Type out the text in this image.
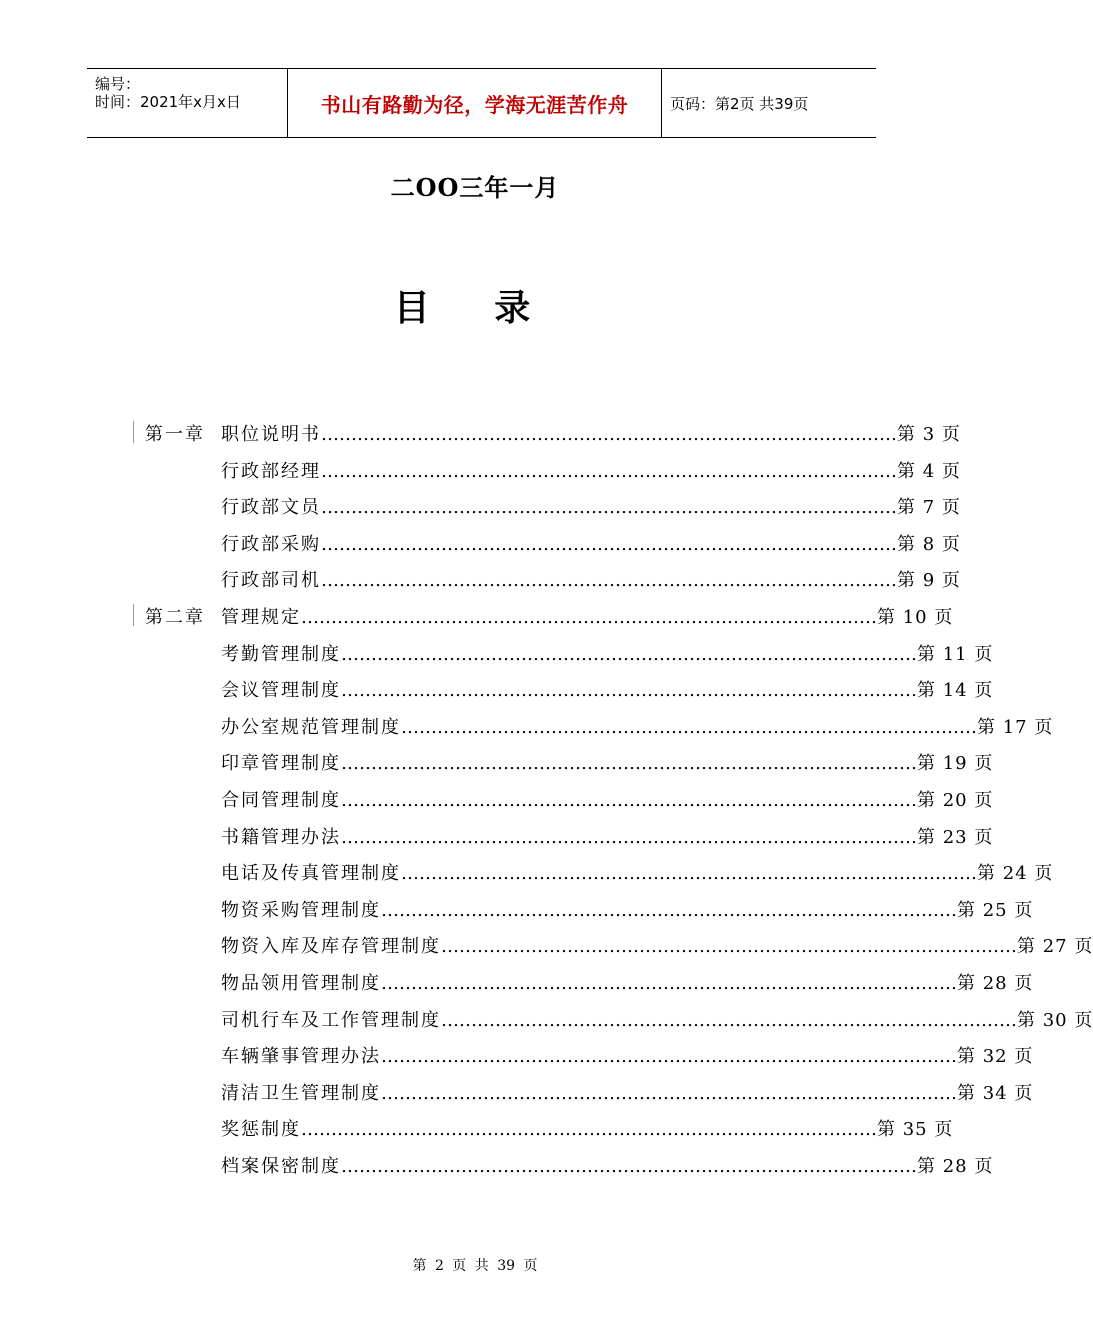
编号：
时间：2021年x月x日	书山有路勤为径，学海无涯苦作舟	页码：第2页 共39页
二OO三年一月
目 录
第一章 职位说明书 …………………………………………………………………………………… 第 3 页
行政部经理 …………………………………………………………………………………… 第 4 页
行政部文员 …………………………………………………………………………………… 第 7 页
行政部采购 …………………………………………………………………………………… 第 8 页
行政部司机 …………………………………………………………………………………… 第 9 页
第二章 管理规定 …………………………………………………………………………………… 第 10 页
考勤管理制度 …………………………………………………………………………………… 第 11 页
会议管理制度 …………………………………………………………………………………… 第 14 页
办公室规范管理制度 …………………………………………………………………………………… 第 17 页
印章管理制度 …………………………………………………………………………………… 第 19 页
合同管理制度 …………………………………………………………………………………… 第 20 页
书籍管理办法 …………………………………………………………………………………… 第 23 页
电话及传真管理制度 …………………………………………………………………………………… 第 24 页
物资采购管理制度 …………………………………………………………………………………… 第 25 页
物资入库及库存管理制度 …………………………………………………………………………………… 第 27 页
物品领用管理制度 …………………………………………………………………………………… 第 28 页
司机行车及工作管理制度 …………………………………………………………………………………… 第 30 页
车辆肇事管理办法 …………………………………………………………………………………… 第 32 页
清洁卫生管理制度 …………………………………………………………………………………… 第 34 页
奖惩制度 …………………………………………………………………………………… 第 35 页
档案保密制度 …………………………………………………………………………………… 第 28 页
第 2 页 共 39 页
